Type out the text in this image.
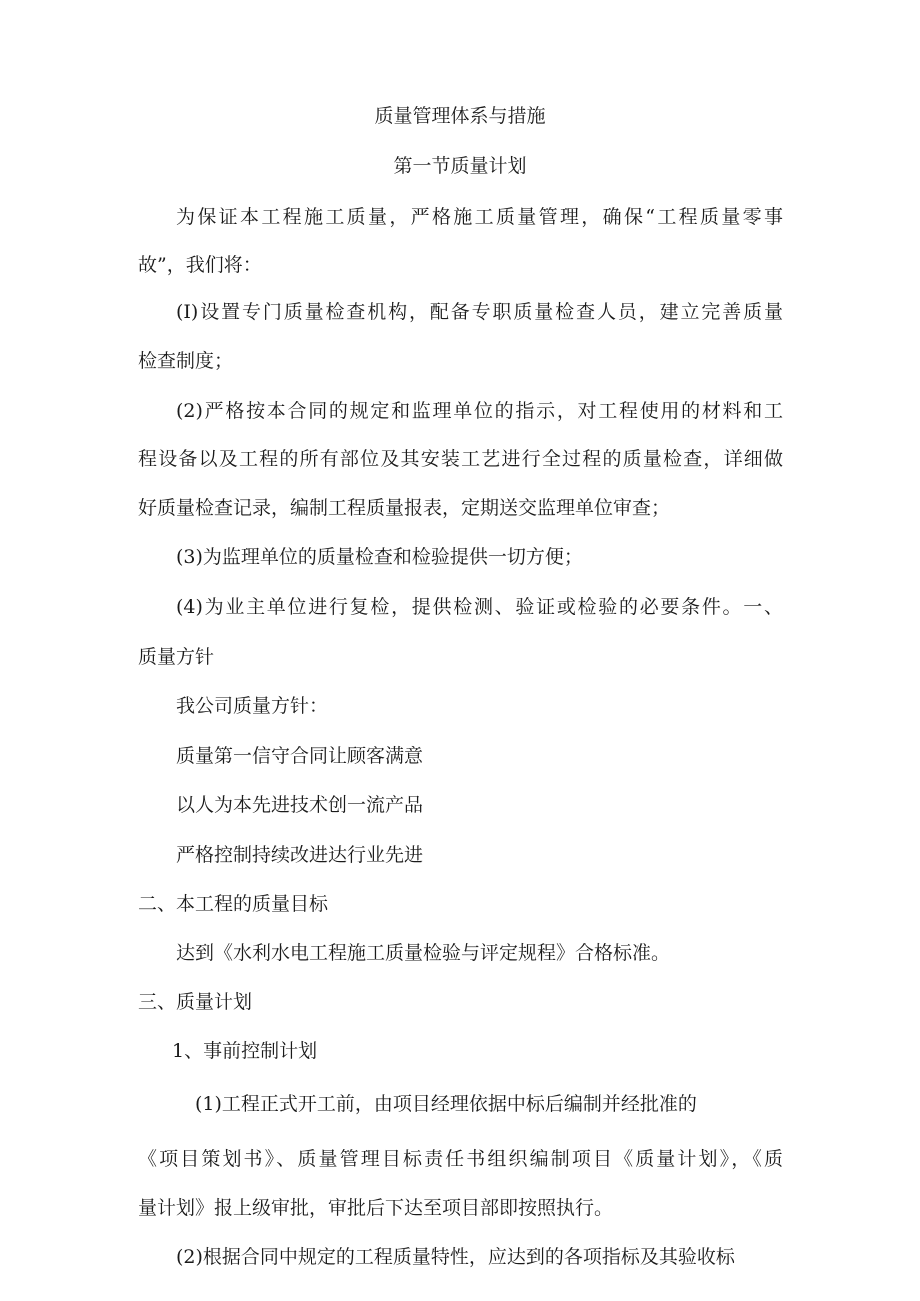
质量管理体系与措施
第一节质量计划
为保证本工程施工质量，严格施工质量管理，确保“工程质量零事
故”，我们将：
(I)设置专门质量检查机构，配备专职质量检查人员，建立完善质量
检查制度；
(2)严格按本合同的规定和监理单位的指示，对工程使用的材料和工
程设备以及工程的所有部位及其安装工艺进行全过程的质量检查，详细做
好质量检查记录，编制工程质量报表，定期送交监理单位审查；
(3)为监理单位的质量检查和检验提供一切方便；
(4)为业主单位进行复检，提供检测、验证或检验的必要条件。一、
质量方针
我公司质量方针：
质量第一信守合同让顾客满意
以人为本先进技术创一流产品
严格控制持续改进达行业先进
二、本工程的质量目标
达到《水利水电工程施工质量检验与评定规程》合格标准。
三、质量计划
1、事前控制计划
(1)工程正式开工前，由项目经理依据中标后编制并经批准的
《项目策划书》、质量管理目标责任书组织编制项目《质量计划》，《质
量计划》报上级审批，审批后下达至项目部即按照执行。
(2)根据合同中规定的工程质量特性，应达到的各项指标及其验收标
